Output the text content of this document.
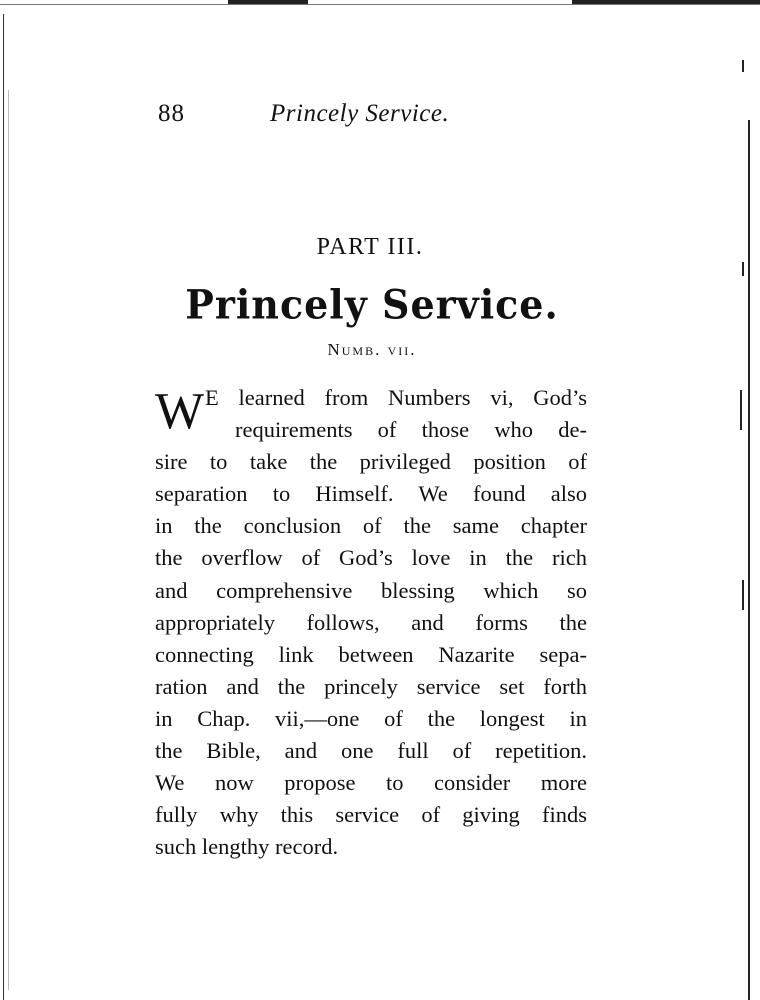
88	Princely Service.
PART III.
Princely Service.
Numb. vii.
W E learned from Numbers vi, God’s
requirements of those who de-
sire to take the privileged position of
separation to Himself. We found also
in the conclusion of the same chapter
the overflow of God’s love in the rich
and comprehensive blessing which so
appropriately follows, and forms the
connecting link between Nazarite sepa-
ration and the princely service set forth
in Chap. vii,—one of the longest in
the Bible, and one full of repetition.
We now propose to consider more
fully why this service of giving finds
such lengthy record.
